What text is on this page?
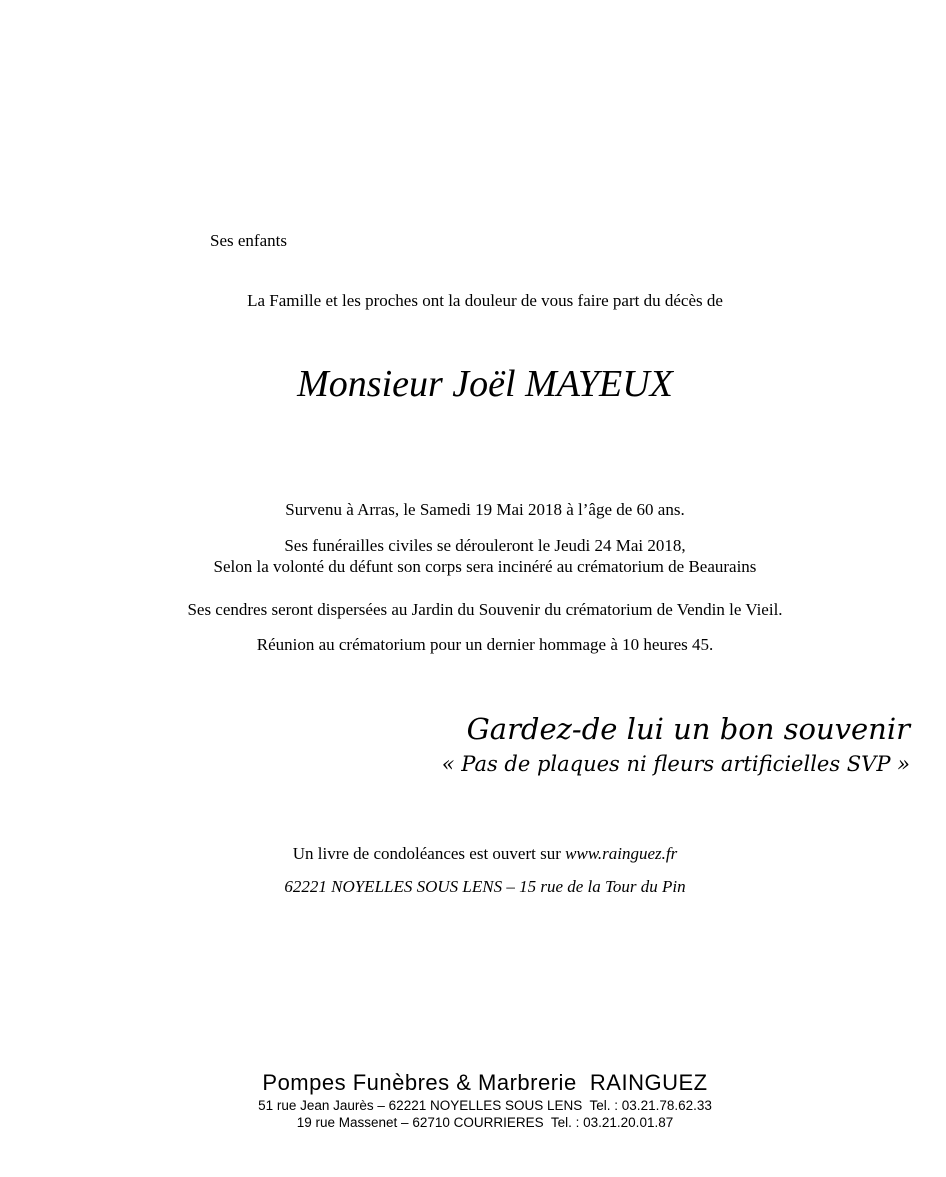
Ses enfants
La Famille et les proches ont la douleur de vous faire part du décès de
Monsieur Joël MAYEUX
Survenu à Arras, le Samedi 19 Mai 2018 à l’âge de 60 ans.
Ses funérailles civiles se dérouleront le Jeudi 24 Mai 2018,
Selon la volonté du défunt son corps sera incinéré au crématorium de Beaurains
Ses cendres seront dispersées au Jardin du Souvenir du crématorium de Vendin le Vieil.
Réunion au crématorium pour un dernier hommage à 10 heures 45.
Gardez-de lui un bon souvenir
« Pas de plaques ni fleurs artificielles SVP »
Un livre de condoléances est ouvert sur www.rainguez.fr
62221 NOYELLES SOUS LENS – 15 rue de la Tour du Pin
Pompes Funèbres & Marbrerie  RAINGUEZ
51 rue Jean Jaurès – 62221 NOYELLES SOUS LENS  Tel. : 03.21.78.62.33
19 rue Massenet – 62710 COURRIERES  Tel. : 03.21.20.01.87
